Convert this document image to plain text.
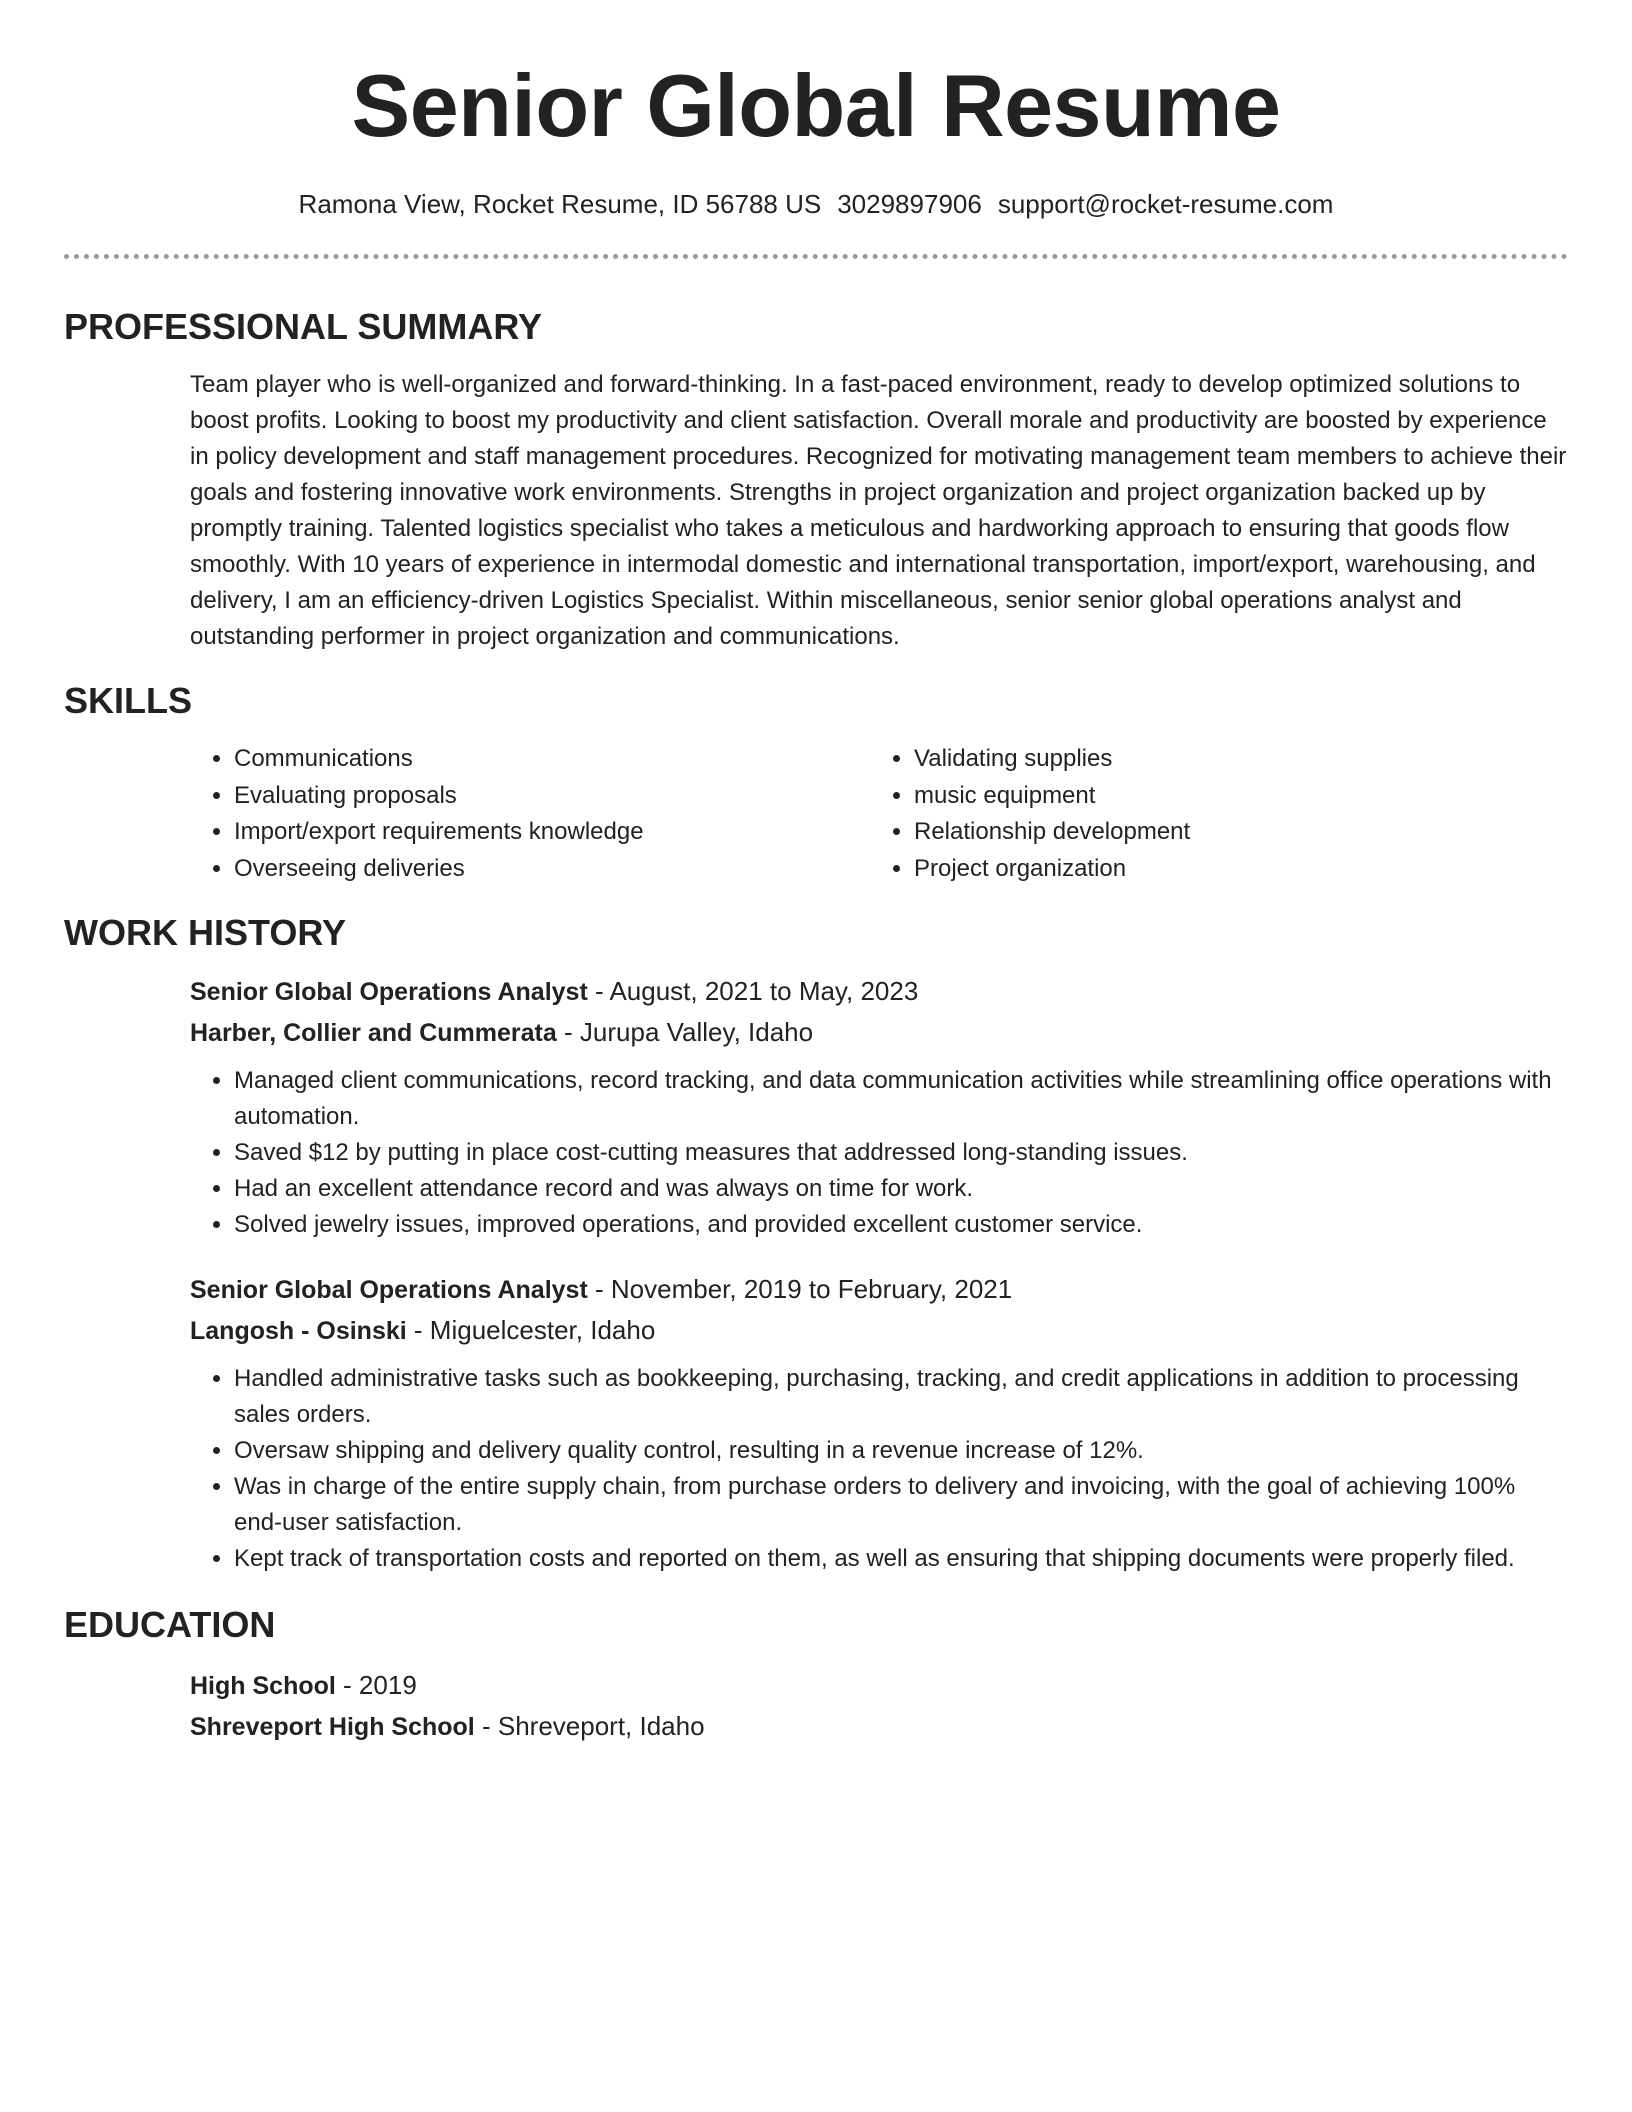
Senior Global Resume
Ramona View, Rocket Resume, ID 56788 US 3029897906 support@rocket-resume.com
PROFESSIONAL SUMMARY
Team player who is well-organized and forward-thinking. In a fast-paced environment, ready to develop optimized solutions to boost profits. Looking to boost my productivity and client satisfaction. Overall morale and productivity are boosted by experience in policy development and staff management procedures. Recognized for motivating management team members to achieve their goals and fostering innovative work environments. Strengths in project organization and project organization backed up by promptly training. Talented logistics specialist who takes a meticulous and hardworking approach to ensuring that goods flow smoothly. With 10 years of experience in intermodal domestic and international transportation, import/export, warehousing, and delivery, I am an efficiency-driven Logistics Specialist. Within miscellaneous, senior senior global operations analyst and outstanding performer in project organization and communications.
SKILLS
• Communications
• Evaluating proposals
• Import/export requirements knowledge
• Overseeing deliveries
• Validating supplies
• music equipment
• Relationship development
• Project organization
WORK HISTORY
Senior Global Operations Analyst - August, 2021 to May, 2023
Harber, Collier and Cummerata - Jurupa Valley, Idaho
• Managed client communications, record tracking, and data communication activities while streamlining office operations with automation.
• Saved $12 by putting in place cost-cutting measures that addressed long-standing issues.
• Had an excellent attendance record and was always on time for work.
• Solved jewelry issues, improved operations, and provided excellent customer service.
Senior Global Operations Analyst - November, 2019 to February, 2021
Langosh - Osinski - Miguelcester, Idaho
• Handled administrative tasks such as bookkeeping, purchasing, tracking, and credit applications in addition to processing sales orders.
• Oversaw shipping and delivery quality control, resulting in a revenue increase of 12%.
• Was in charge of the entire supply chain, from purchase orders to delivery and invoicing, with the goal of achieving 100% end-user satisfaction.
• Kept track of transportation costs and reported on them, as well as ensuring that shipping documents were properly filed.
EDUCATION
High School - 2019
Shreveport High School - Shreveport, Idaho
